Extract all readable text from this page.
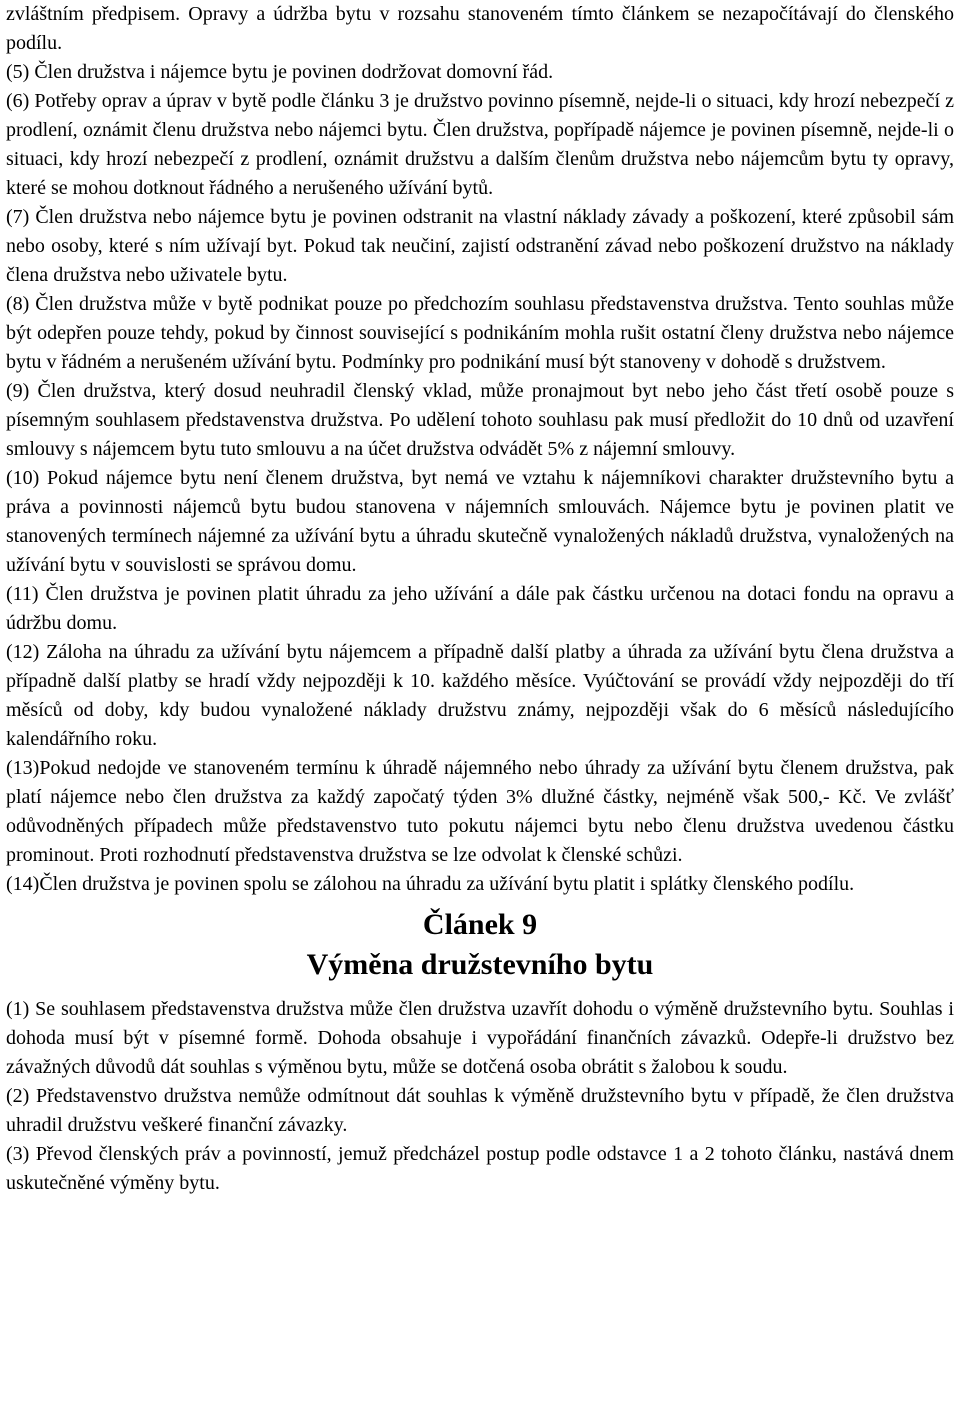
zvláštním předpisem. Opravy a údržba bytu v rozsahu stanoveném tímto článkem se nezapočítávají do členského podílu.

(5) Člen družstva i nájemce bytu je povinen dodržovat domovní řád.

(6) Potřeby oprav a úprav v bytě podle článku 3 je družstvo povinno písemně, nejde-li o situaci, kdy hrozí nebezpečí z prodlení, oznámit členu družstva nebo nájemci bytu. Člen družstva, popřípadě nájemce je povinen písemně, nejde-li o situaci, kdy hrozí nebezpečí z prodlení, oznámit družstvu a dalším členům družstva nebo nájemcům bytu ty opravy, které se mohou dotknout řádného a nerušeného užívání bytů.

(7) Člen družstva nebo nájemce bytu je povinen odstranit na vlastní náklady závady a poškození, které způsobil sám nebo osoby, které s ním užívají byt. Pokud tak neučiní, zajistí odstranění závad nebo poškození družstvo na náklady člena družstva nebo uživatele bytu.

(8) Člen družstva může v bytě podnikat pouze po předchozím souhlasu představenstva družstva. Tento souhlas může být odepřen pouze tehdy, pokud by činnost související s podnikáním mohla rušit ostatní členy družstva nebo nájemce bytu v řádném a nerušeném užívání bytu. Podmínky pro podnikání musí být stanoveny v dohodě s družstvem.

(9) Člen družstva, který dosud neuhradil členský vklad, může pronajmout byt nebo jeho část třetí osobě pouze s písemným souhlasem představenstva družstva. Po udělení tohoto souhlasu pak musí předložit do 10 dnů od uzavření smlouvy s nájemcem bytu tuto smlouvu a na účet družstva odvádět 5% z nájemní smlouvy.

(10) Pokud nájemce bytu není členem družstva, byt nemá ve vztahu k nájemníkovi charakter družstevního bytu a práva a povinnosti nájemců bytu budou stanovena v nájemních smlouvách. Nájemce bytu je povinen platit ve stanovených termínech nájemné za užívání bytu a úhradu skutečně vynaložených nákladů družstva, vynaložených na užívání bytu v souvislosti se správou domu.

(11) Člen družstva je povinen platit úhradu za jeho užívání a dále pak částku určenou na dotaci fondu na opravu a údržbu domu.

(12) Záloha na úhradu za užívání bytu nájemcem a případně další platby a úhrada za užívání bytu člena družstva a případně další platby se hradí vždy nejpozději k 10. každého měsíce. Vyúčtování se provádí vždy nejpozději do tří měsíců od doby, kdy budou vynaložené náklady družstvu známy, nejpozději však do 6 měsíců následujícího kalendářního roku.

(13)Pokud nedojde ve stanoveném termínu k úhradě nájemného nebo úhrady za užívání bytu členem družstva, pak platí nájemce nebo člen družstva za každý započatý týden 3% dlužné částky, nejméně však 500,- Kč. Ve zvlášť odůvodněných případech může představenstvo tuto pokutu nájemci bytu nebo členu družstva uvedenou částku prominout. Proti rozhodnutí představenstva družstva se lze odvolat k členské schůzi.

(14)Člen družstva je povinen spolu se zálohou na úhradu za užívání bytu platit i splátky členského podílu.

Článek 9
Výměna družstevního bytu

(1) Se souhlasem představenstva družstva může člen družstva uzavřít dohodu o výměně družstevního bytu. Souhlas i dohoda musí být v písemné formě. Dohoda obsahuje i vypořádání finančních závazků. Odepře-li družstvo bez závažných důvodů dát souhlas s výměnou bytu, může se dotčená osoba obrátit s žalobou k soudu.

(2) Představenstvo družstva nemůže odmítnout dát souhlas k výměně družstevního bytu v případě, že člen družstva uhradil družstvu veškeré finanční závazky.

(3) Převod členských práv a povinností, jemuž předcházel postup podle odstavce 1 a 2 tohoto článku, nastává dnem uskutečněné výměny bytu.
